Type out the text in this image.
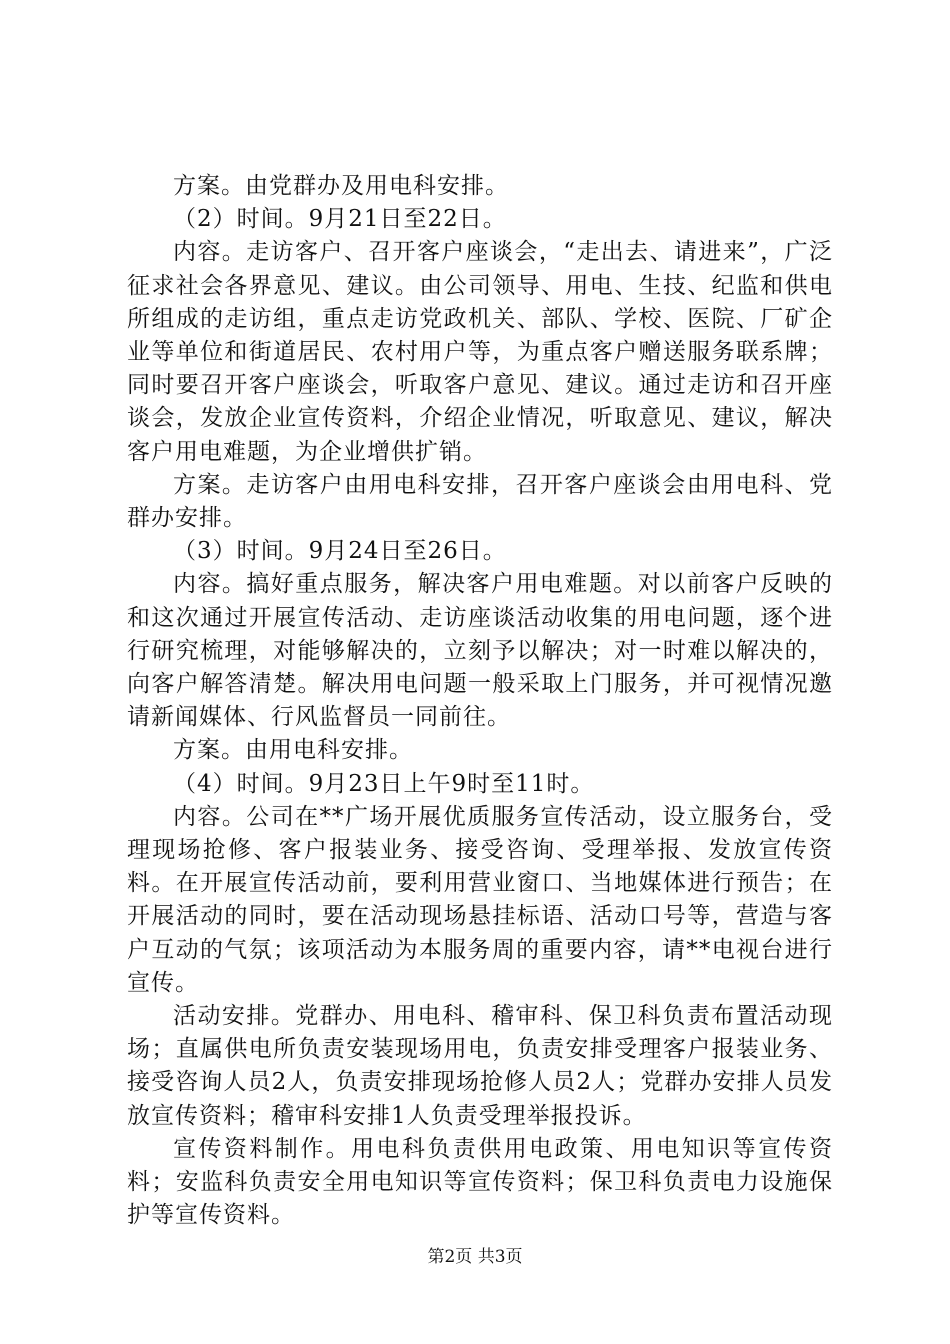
方案。由党群办及用电科安排。

（2）时间。9月21日至22日。

内容。走访客户、召开客户座谈会，“走出去、请进来”，广泛征求社会各界意见、建议。由公司领导、用电、生技、纪监和供电所组成的走访组，重点走访党政机关、部队、学校、医院、厂矿企业等单位和街道居民、农村用户等，为重点客户赠送服务联系牌；同时要召开客户座谈会，听取客户意见、建议。通过走访和召开座谈会，发放企业宣传资料，介绍企业情况，听取意见、建议，解决客户用电难题，为企业增供扩销。

方案。走访客户由用电科安排，召开客户座谈会由用电科、党群办安排。

（3）时间。9月24日至26日。

内容。搞好重点服务，解决客户用电难题。对以前客户反映的和这次通过开展宣传活动、走访座谈活动收集的用电问题，逐个进行研究梳理，对能够解决的，立刻予以解决；对一时难以解决的，向客户解答清楚。解决用电问题一般采取上门服务，并可视情况邀请新闻媒体、行风监督员一同前往。

方案。由用电科安排。

（4）时间。9月23日上午9时至11时。

内容。公司在**广场开展优质服务宣传活动，设立服务台，受理现场抢修、客户报装业务、接受咨询、受理举报、发放宣传资料。在开展宣传活动前，要利用营业窗口、当地媒体进行预告；在开展活动的同时，要在活动现场悬挂标语、活动口号等，营造与客户互动的气氛；该项活动为本服务周的重要内容，请**电视台进行宣传。

活动安排。党群办、用电科、稽审科、保卫科负责布置活动现场；直属供电所负责安装现场用电，负责安排受理客户报装业务、接受咨询人员2人，负责安排现场抢修人员2人；党群办安排人员发放宣传资料；稽审科安排1人负责受理举报投诉。

宣传资料制作。用电科负责供用电政策、用电知识等宣传资料；安监科负责安全用电知识等宣传资料；保卫科负责电力设施保护等宣传资料。

第2页 共3页
